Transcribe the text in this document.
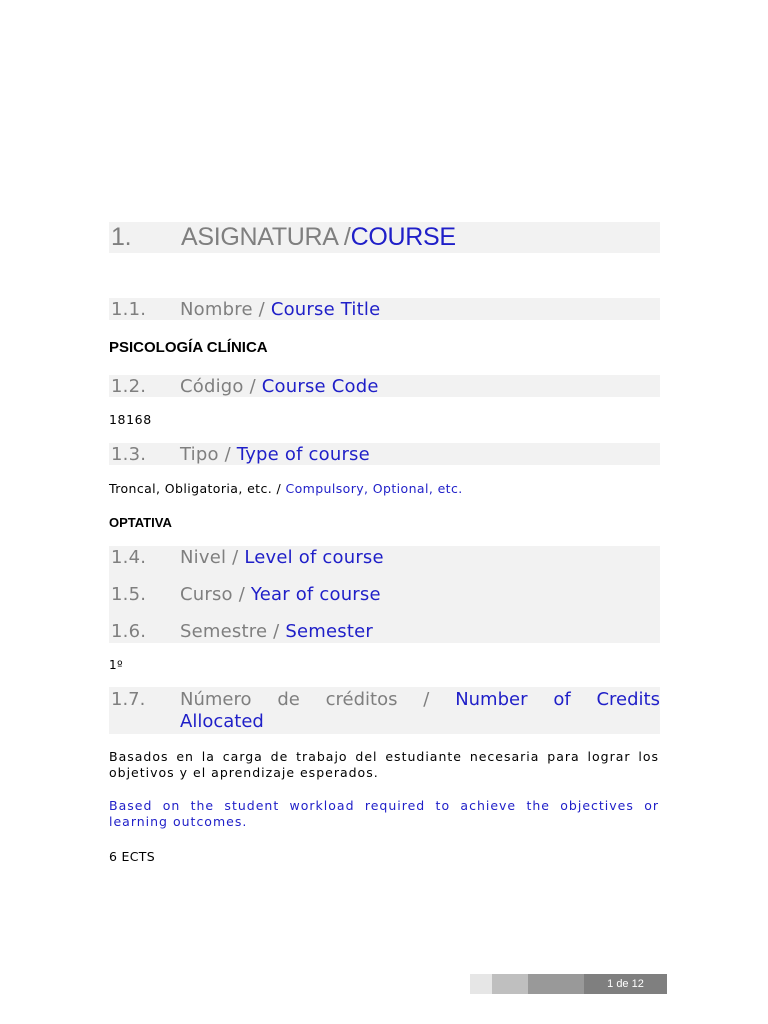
1.	ASIGNATURA / COURSE
1.1.	Nombre /
Course Title
PSICOLOGÍA CLÍNICA
1.2.	Código /
Course Code
18168
1.3.	Tipo /
Type of course
Troncal, Obligatoria, etc. / Compulsory, Optional, etc.
OPTATIVA
1.4.	Nivel /
Level of course
1.5.	Curso /
Year of course
1.6.	Semestre /
Semester
1º
1.7.	Número de créditos / Number of Credits
Allocated
Basados en la carga de trabajo del estudiante necesaria para lograr los objetivos y el aprendizaje esperados.
Based on the student workload required to achieve the objectives or learning outcomes.
6 ECTS
1 de 12
